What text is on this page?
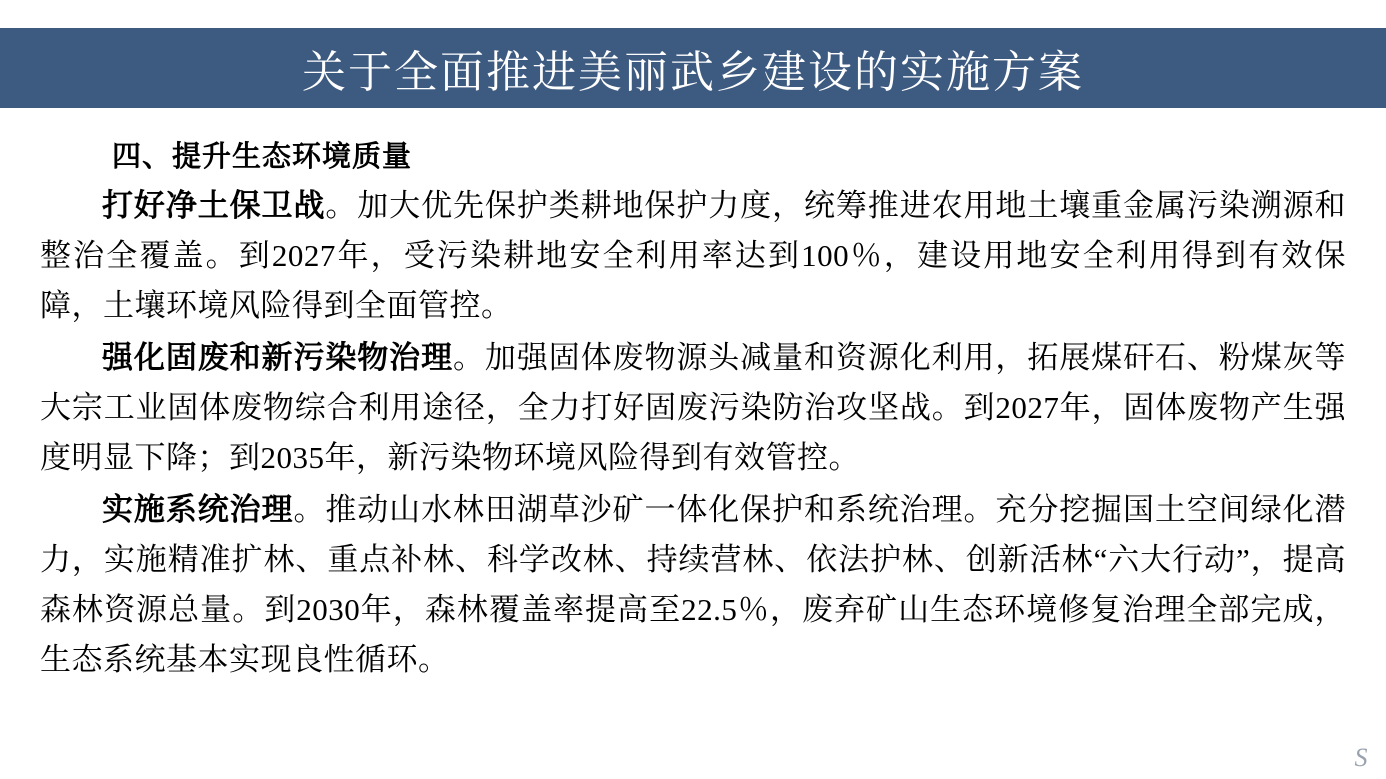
关于全面推进美丽武乡建设的实施方案
四、提升生态环境质量

打好净土保卫战。加大优先保护类耕地保护力度，统筹推进农用地土壤重金属污染溯源和整治全覆盖。到2027年，受污染耕地安全利用率达到100％，建设用地安全利用得到有效保障，土壤环境风险得到全面管控。

强化固废和新污染物治理。加强固体废物源头减量和资源化利用，拓展煤矸石、粉煤灰等大宗工业固体废物综合利用途径，全力打好固废污染防治攻坚战。到2027年，固体废物产生强度明显下降；到2035年，新污染物环境风险得到有效管控。

实施系统治理。推动山水林田湖草沙矿一体化保护和系统治理。充分挖掘国土空间绿化潜力，实施精准扩林、重点补林、科学改林、持续营林、依法护林、创新活林“六大行动”，提高森林资源总量。到2030年，森林覆盖率提高至22.5％，废弃矿山生态环境修复治理全部完成，生态系统基本实现良性循环。

S
